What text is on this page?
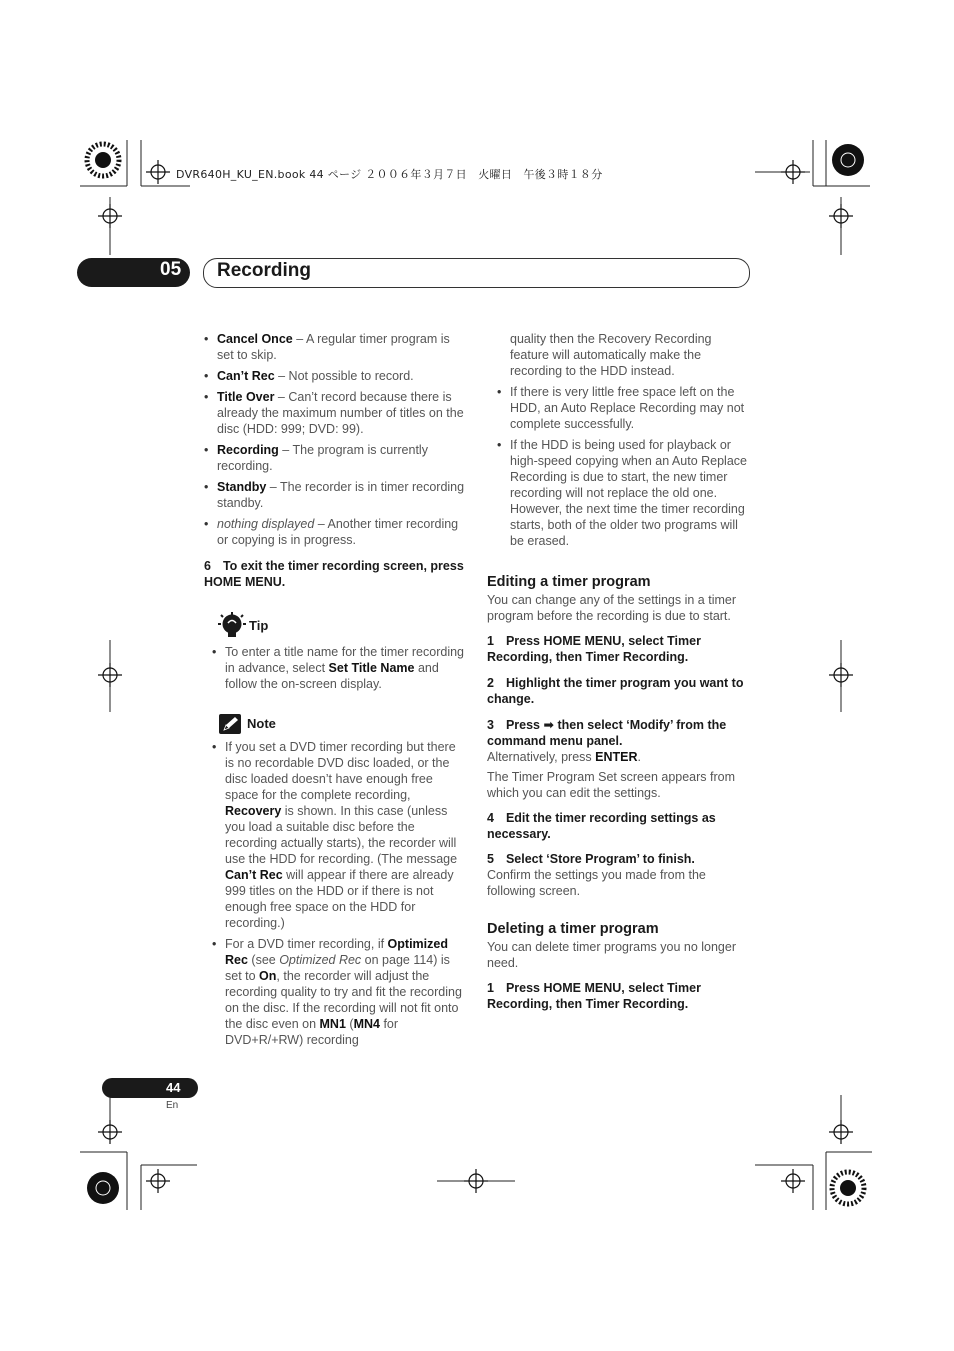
DVR640H_KU_EN.book 44 ページ ２００６年３月７日　火曜日　午後３時１８分
05 Recording
• Cancel Once – A regular timer program is set to skip.
• Can’t Rec – Not possible to record.
• Title Over – Can’t record because there is already the maximum number of titles on the disc (HDD: 999; DVD: 99).
• Recording – The program is currently recording.
• Standby – The recorder is in timer recording standby.
• nothing displayed – Another timer recording or copying is in progress.
6 To exit the timer recording screen, press HOME MENU.
Tip
• To enter a title name for the timer recording in advance, select Set Title Name and follow the on-screen display.
Note
• If you set a DVD timer recording but there is no recordable DVD disc loaded, or the disc loaded doesn’t have enough free space for the complete recording, Recovery is shown. In this case (unless you load a suitable disc before the recording actually starts), the recorder will use the HDD for recording. (The message Can’t Rec will appear if there are already 999 titles on the HDD or if there is not enough free space on the HDD for recording.)
• For a DVD timer recording, if Optimized Rec (see Optimized Rec on page 114) is set to On, the recorder will adjust the recording quality to try and fit the recording on the disc. If the recording will not fit onto the disc even on MN1 (MN4 for DVD+R/+RW) recording
quality then the Recovery Recording feature will automatically make the recording to the HDD instead.
• If there is very little free space left on the HDD, an Auto Replace Recording may not complete successfully.
• If the HDD is being used for playback or high-speed copying when an Auto Replace Recording is due to start, the new timer recording will not replace the old one. However, the next time the timer recording starts, both of the older two programs will be erased.
Editing a timer program
You can change any of the settings in a timer program before the recording is due to start.
1 Press HOME MENU, select Timer Recording, then Timer Recording.
2 Highlight the timer program you want to change.
3 Press ➡ then select ‘Modify’ from the command menu panel.
Alternatively, press ENTER.
The Timer Program Set screen appears from which you can edit the settings.
4 Edit the timer recording settings as necessary.
5 Select ‘Store Program’ to finish.
Confirm the settings you made from the following screen.
Deleting a timer program
You can delete timer programs you no longer need.
1 Press HOME MENU, select Timer Recording, then Timer Recording.
44
En
